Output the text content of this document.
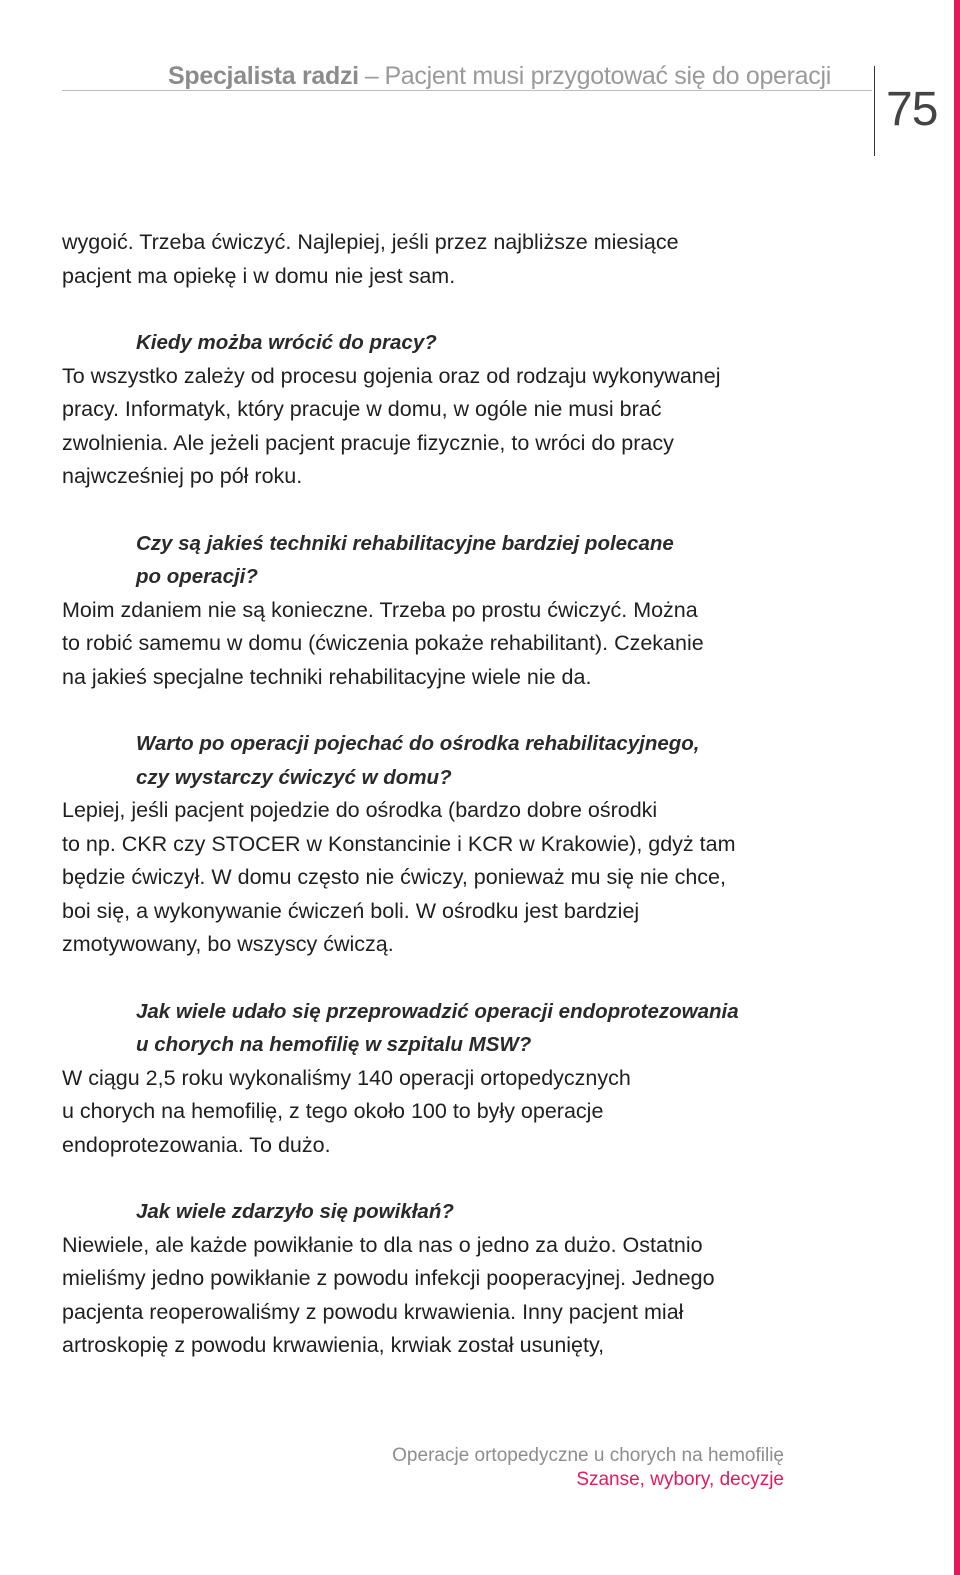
Specjalista radzi – Pacjent musi przygotować się do operacji
75

wygoić. Trzeba ćwiczyć. Najlepiej, jeśli przez najbliższe miesiące
pacjent ma opiekę i w domu nie jest sam.

Kiedy możba wrócić do pracy?

To wszystko zależy od procesu gojenia oraz od rodzaju wykonywanej
pracy. Informatyk, który pracuje w domu, w ogóle nie musi brać
zwolnienia. Ale jeżeli pacjent pracuje fizycznie, to wróci do pracy
najwcześniej po pół roku.

Czy są jakieś techniki rehabilitacyjne bardziej polecane
po operacji?

Moim zdaniem nie są konieczne. Trzeba po prostu ćwiczyć. Można
to robić samemu w domu (ćwiczenia pokaże rehabilitant). Czekanie
na jakieś specjalne techniki rehabilitacyjne wiele nie da.

Warto po operacji pojechać do ośrodka rehabilitacyjnego,
czy wystarczy ćwiczyć w domu?

Lepiej, jeśli pacjent pojedzie do ośrodka (bardzo dobre ośrodki
to np. CKR czy STOCER w Konstancinie i KCR w Krakowie), gdyż tam
będzie ćwiczył. W domu często nie ćwiczy, ponieważ mu się nie chce,
boi się, a wykonywanie ćwiczeń boli. W ośrodku jest bardziej
zmotywowany, bo wszyscy ćwiczą.

Jak wiele udało się przeprowadzić operacji endoprotezowania
u chorych na hemofilię w szpitalu MSW?

W ciągu 2,5 roku wykonaliśmy 140 operacji ortopedycznych
u chorych na hemofilię, z tego około 100 to były operacje
endoprotezowania. To dużo.

Jak wiele zdarzyło się powikłań?

Niewiele, ale każde powikłanie to dla nas o jedno za dużo. Ostatnio
mieliśmy jedno powikłanie z powodu infekcji pooperacyjnej. Jednego
pacjenta reoperowaliśmy z powodu krwawienia. Inny pacjent miał
artroskopię z powodu krwawienia, krwiak został usunięty,

Operacje ortopedyczne u chorych na hemofilię
Szanse, wybory, decyzje
